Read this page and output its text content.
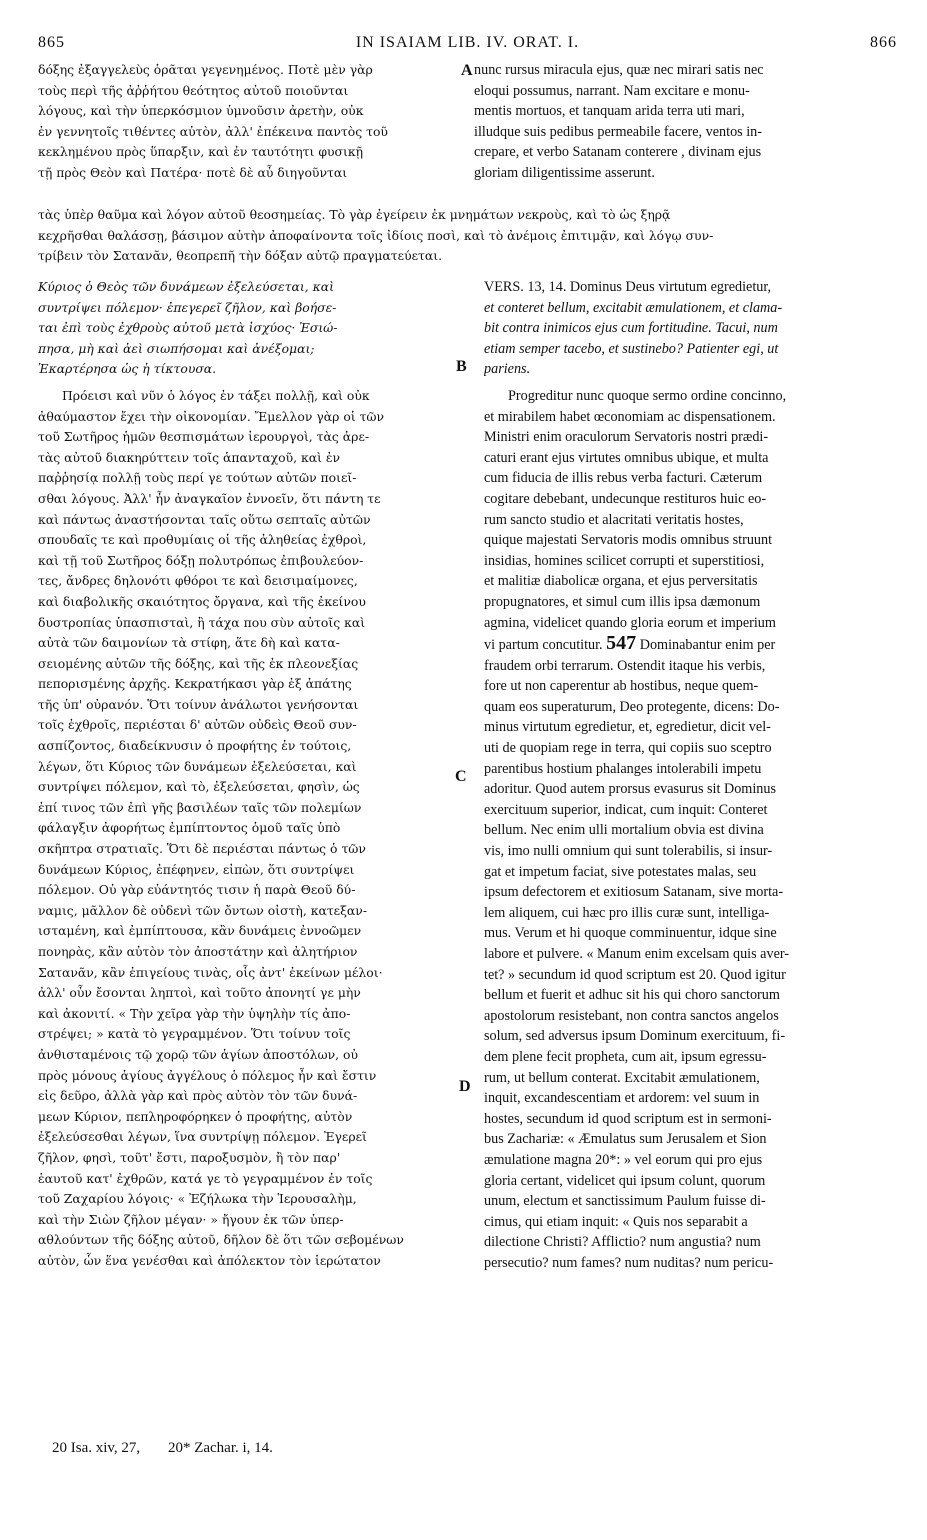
865	IN ISAIAM LIB. IV. ORAT. I.	866
δόξης ἐξαγγελεὺς ὁρᾶται γεγενημένος. Ποτὲ μὲν γὰρ
τοὺς περὶ τῆς ἀῤῥήτου θεότητος αὐτοῦ ποιοῦνται
λόγους, καὶ τὴν ὑπερκόσμιον ὑμνοῦσιν ἀρετὴν, οὐκ
ἐν γεννητοῖς τιθέντες αὐτὸν, ἀλλ' ἐπέκεινα παντὸς τοῦ
κεκλημένου πρὸς ὕπαρξιν, καὶ ἐν ταυτότητι φυσικῇ
τῇ πρὸς Θεὸν καὶ Πατέρα· ποτὲ δὲ αὖ διηγοῦνται
nunc rursus miracula ejus, quæ nec mirari satis nec
eloqui possumus, narrant. Nam excitare e monu-
mentis mortuos, et tanquam arida terra uti mari,
illudque suis pedibus permeabile facere, ventos in-
crepare, et verbo Satanam conterere , divinam ejus
gloriam diligentissime asserunt.
τὰς ὑπὲρ θαῦμα καὶ λόγον αὐτοῦ θεοσημείας. Τὸ γὰρ ἐγείρειν ἐκ μνημάτων νεκροὺς, καὶ τὸ ὡς ξηρᾷ
κεχρῆσθαι θαλάσσῃ, βάσιμον αὐτὴν ἀποφαίνοντα τοῖς ἰδίοις ποσὶ, καὶ τὸ ἀνέμοις ἐπιτιμᾷν, καὶ λόγῳ συν-
τρίβειν τὸν Σατανᾶν, θεοπρεπῆ τὴν δόξαν αὐτῷ πραγματεύεται.
Κύριος ὁ Θεὸς τῶν δυνάμεων ἐξελεύσεται, καὶ
συντρίψει πόλεμον· ἐπεγερεῖ ζῆλον, καὶ βοήσε-
ται ἐπὶ τοὺς ἐχθροὺς αὐτοῦ μετὰ ἰσχύος· Ἐσιώ-
πησα, μὴ καὶ ἀεὶ σιωπήσομαι καὶ ἀνέξομαι;
Ἐκαρτέρησα ὡς ἡ τίκτουσα.
Πρόεισι καὶ νῦν ὁ λόγος ἐν τάξει πολλῇ, καὶ οὐκ
ἀθαύμαστον ἔχει τὴν οἰκονομίαν. Ἔμελλον γὰρ οἱ τῶν
τοῦ Σωτῆρος ἡμῶν θεσπισμάτων ἱερουργοὶ, τὰς ἀρε-
τὰς αὐτοῦ διακηρύττειν τοῖς ἁπανταχοῦ, καὶ ἐν
παῤῥησίᾳ πολλῇ τοὺς περί γε τούτων αὐτῶν ποιεῖ-
σθαι λόγους. Ἀλλ' ἦν ἀναγκαῖον ἐννοεῖν, ὅτι πάντη τε
καὶ πάντως ἀναστήσονται ταῖς οὕτω σεπταῖς αὐτῶν
σπουδαῖς τε καὶ προθυμίαις οἱ τῆς ἀληθείας ἐχθροὶ,
καὶ τῇ τοῦ Σωτῆρος δόξῃ πολυτρόπως ἐπιβουλεύον-
τες, ἄνδρες δηλονότι φθόροι τε καὶ δεισιμαίμονες,
καὶ διαβολικῆς σκαιότητος ὄργανα, καὶ τῆς ἐκείνου
δυστροπίας ὑπασπισταὶ, ἢ τάχα που σὺν αὐτοῖς καὶ
αὐτὰ τῶν δαιμονίων τὰ στίφη, ἅτε δὴ καὶ κατα-
σειομένης αὐτῶν τῆς δόξης, καὶ τῆς ἐκ πλεονεξίας
πεπορισμένης ἀρχῆς. Κεκρατήκασι γὰρ ἐξ ἀπάτης
τῆς ὑπ' οὐρανόν. Ὅτι τοίνυν ἀνάλωτοι γενήσονται
τοῖς ἐχθροῖς, περιέσται δ' αὐτῶν οὐδεὶς Θεοῦ συν-
ασπίζοντος, διαδείκνυσιν ὁ προφήτης ἐν τούτοις,
λέγων, ὅτι Κύριος τῶν δυνάμεων ἐξελεύσεται, καὶ
συντρίψει πόλεμον, καὶ τὸ, ἐξελεύσεται, φησὶν, ὡς
ἐπί τινος τῶν ἐπὶ γῆς βασιλέων ταῖς τῶν πολεμίων
φάλαγξιν ἀφορήτως ἐμπίπτοντος ὁμοῦ ταῖς ὑπὸ
σκῆπτρα στρατιαῖς. Ὅτι δὲ περιέσται πάντως ὁ τῶν
δυνάμεων Κύριος, ἐπέφηνεν, εἰπὼν, ὅτι συντρίψει
πόλεμον. Οὐ γὰρ εὐάντητός τισιν ἡ παρὰ Θεοῦ δύ-
ναμις, μᾶλλον δὲ οὐδενὶ τῶν ὄντων οἰστὴ, κατεξαν-
ισταμένη, καὶ ἐμπίπτουσα, κἂν δυνάμεις ἐννοῶμεν
πονηρὰς, κἂν αὐτὸν τὸν ἀποστάτην καὶ ἀλητήριον
Σατανᾶν, κἂν ἐπιγείους τινὰς, οἷς ἀντ' ἐκείνων μέλοι·
ἀλλ' οὖν ἔσονται ληπτοὶ, καὶ τοῦτο ἀπονητί γε μὴν
καὶ ἀκονιτί. « Τὴν χεῖρα γὰρ τὴν ὑψηλὴν τίς ἀπο-
στρέψει; » κατὰ τὸ γεγραμμένον. Ὅτι τοίνυν τοῖς
ἀνθισταμένοις τῷ χορῷ τῶν ἁγίων ἀποστόλων, οὐ
πρὸς μόνους ἁγίους ἀγγέλους ὁ πόλεμος ἦν καὶ ἔστιν
εἰς δεῦρο, ἀλλὰ γὰρ καὶ πρὸς αὐτὸν τὸν τῶν δυνά-
μεων Κύριον, πεπληροφόρηκεν ὁ προφήτης, αὐτὸν
ἐξελεύσεσθαι λέγων, ἵνα συντρίψῃ πόλεμον. Ἐγερεῖ
ζῆλον, φησὶ, τοῦτ' ἔστι, παροξυσμὸν, ἢ τὸν παρ'
ἑαυτοῦ κατ' ἐχθρῶν, κατά γε τὸ γεγραμμένον ἐν τοῖς
τοῦ Ζαχαρίου λόγοις· « Ἐζήλωκα τὴν Ἱερουσαλὴμ,
καὶ τὴν Σιὼν ζῆλον μέγαν· » ἤγουν ἐκ τῶν ὑπερ-
αθλούντων τῆς δόξης αὐτοῦ, δῆλον δὲ ὅτι τῶν σεβομένων
αὐτὸν, ὧν ἕνα γενέσθαι καὶ ἀπόλεκτον τὸν ἱερώτατον
VERS. 13, 14. Dominus Deus virtutum egredietur,
et conteret bellum, excitabit æmulationem, et clama-
bit contra inimicos ejus cum fortitudine. Tacui, num
etiam semper tacebo, et sustinebo? Patienter egi, ut
pariens.
Progreditur nunc quoque sermo ordine concinno,
et mirabilem habet œconomiam ac dispensationem.
Ministri enim oraculorum Servatoris nostri prædi-
caturi erant ejus virtutes omnibus ubique, et multa
cum fiducia de illis rebus verba facturi. Cæterum
cogitare debebant, undecunque restituros huic eo-
rum sancto studio et alacritati veritatis hostes,
quique majestati Servatoris modis omnibus struunt
insidias, homines scilicet corrupti et superstitiosi,
et malitiæ diabolicæ organa, et ejus perversitatis
propugnatores, et simul cum illis ipsa dæmonum
agmina, videlicet quando gloria eorum et imperium
vi partum concutitur. 547 Dominabantur enim per
fraudem orbi terrarum. Ostendit itaque his verbis,
fore ut non caperentur ab hostibus, neque quem-
quam eos superaturum, Deo protegente, dicens: Do-
minus virtutum egredietur, et, egredietur, dicit vel-
uti de quopiam rege in terra, qui copiis suo sceptro
parentibus hostium phalanges intolerabili impetu
adoritur. Quod autem prorsus evasurus sit Dominus
exercituum superior, indicat, cum inquit: Conteret
bellum. Nec enim ulli mortalium obvia est divina
vis, imo nulli omnium qui sunt tolerabilis, si insur-
gat et impetum faciat, sive potestates malas, seu
ipsum defectorem et exitiosum Satanam, sive morta-
lem aliquem, cui hæc pro illis curæ sunt, intelliga-
mus. Verum et hi quoque comminuentur, idque sine
labore et pulvere. « Manum enim excelsam quis aver-
tet? » secundum id quod scriptum est 20. Quod igitur
bellum et fuerit et adhuc sit his qui choro sanctorum
apostolorum resistebant, non contra sanctos angelos
solum, sed adversus ipsum Dominum exercituum, fi-
dem plene fecit propheta, cum ait, ipsum egressu-
rum, ut bellum conterat. Excitabit æmulationem,
inquit, excandescentiam et ardorem: vel suum in
hostes, secundum id quod scriptum est in sermoni-
bus Zachariæ: « Æmulatus sum Jerusalem et Sion
æmulatione magna 20*: » vel eorum qui pro ejus
gloria certant, videlicet qui ipsum colunt, quorum
unum, electum et sanctissimum Paulum fuisse di-
cimus, qui etiam inquit: « Quis nos separabit a
dilectione Christi? Afflictio? num angustia? num
persecutio? num fames? num nuditas? num pericu-
A
B
C
D
20 Isa. xiv, 27, 20* Zachar. i, 14.
